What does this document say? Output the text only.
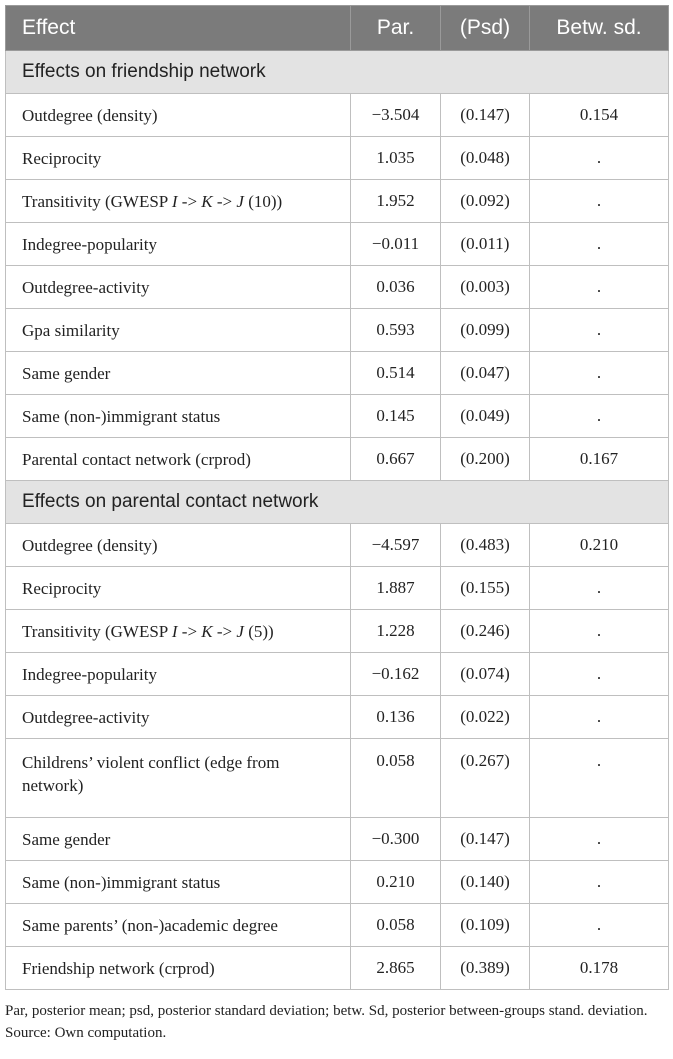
Effect	Par.	(Psd)	Betw. sd.
Effects on friendship network			
Outdegree (density)	−3.504	(0.147)	0.154
Reciprocity	1.035	(0.048)	.
Transitivity (GWESP I -> K -> J (10))	1.952	(0.092)	.
Indegree-popularity	−0.011	(0.011)	.
Outdegree-activity	0.036	(0.003)	.
Gpa similarity	0.593	(0.099)	.
Same gender	0.514	(0.047)	.
Same (non-)immigrant status	0.145	(0.049)	.
Parental contact network (crprod)	0.667	(0.200)	0.167
Effects on parental contact network			
Outdegree (density)	−4.597	(0.483)	0.210
Reciprocity	1.887	(0.155)	.
Transitivity (GWESP I -> K -> J (5))	1.228	(0.246)	.
Indegree-popularity	−0.162	(0.074)	.
Outdegree-activity	0.136	(0.022)	.
Childrens’ violent conflict (edge from network)	0.058	(0.267)	.
Same gender	−0.300	(0.147)	.
Same (non-)immigrant status	0.210	(0.140)	.
Same parents’ (non-)academic degree	0.058	(0.109)	.
Friendship network (crprod)	2.865	(0.389)	0.178

Par, posterior mean; psd, posterior standard deviation; betw. Sd, posterior between-groups stand. deviation.

Source: Own computation.
